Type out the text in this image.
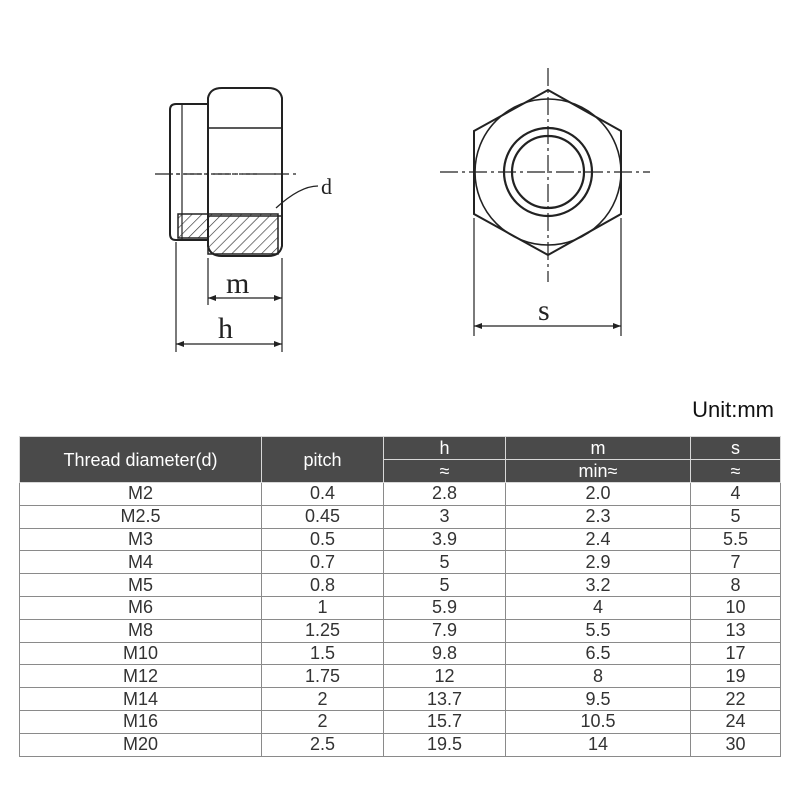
d
m
h
s
Unit:mm
Thread diameter(d)	pitch	h	m	s
		≈	min≈	≈
M2	0.4	2.8	2.0	4
M2.5	0.45	3	2.3	5
M3	0.5	3.9	2.4	5.5
M4	0.7	5	2.9	7
M5	0.8	5	3.2	8
M6	1	5.9	4	10
M8	1.25	7.9	5.5	13
M10	1.5	9.8	6.5	17
M12	1.75	12	8	19
M14	2	13.7	9.5	22
M16	2	15.7	10.5	24
M20	2.5	19.5	14	30
